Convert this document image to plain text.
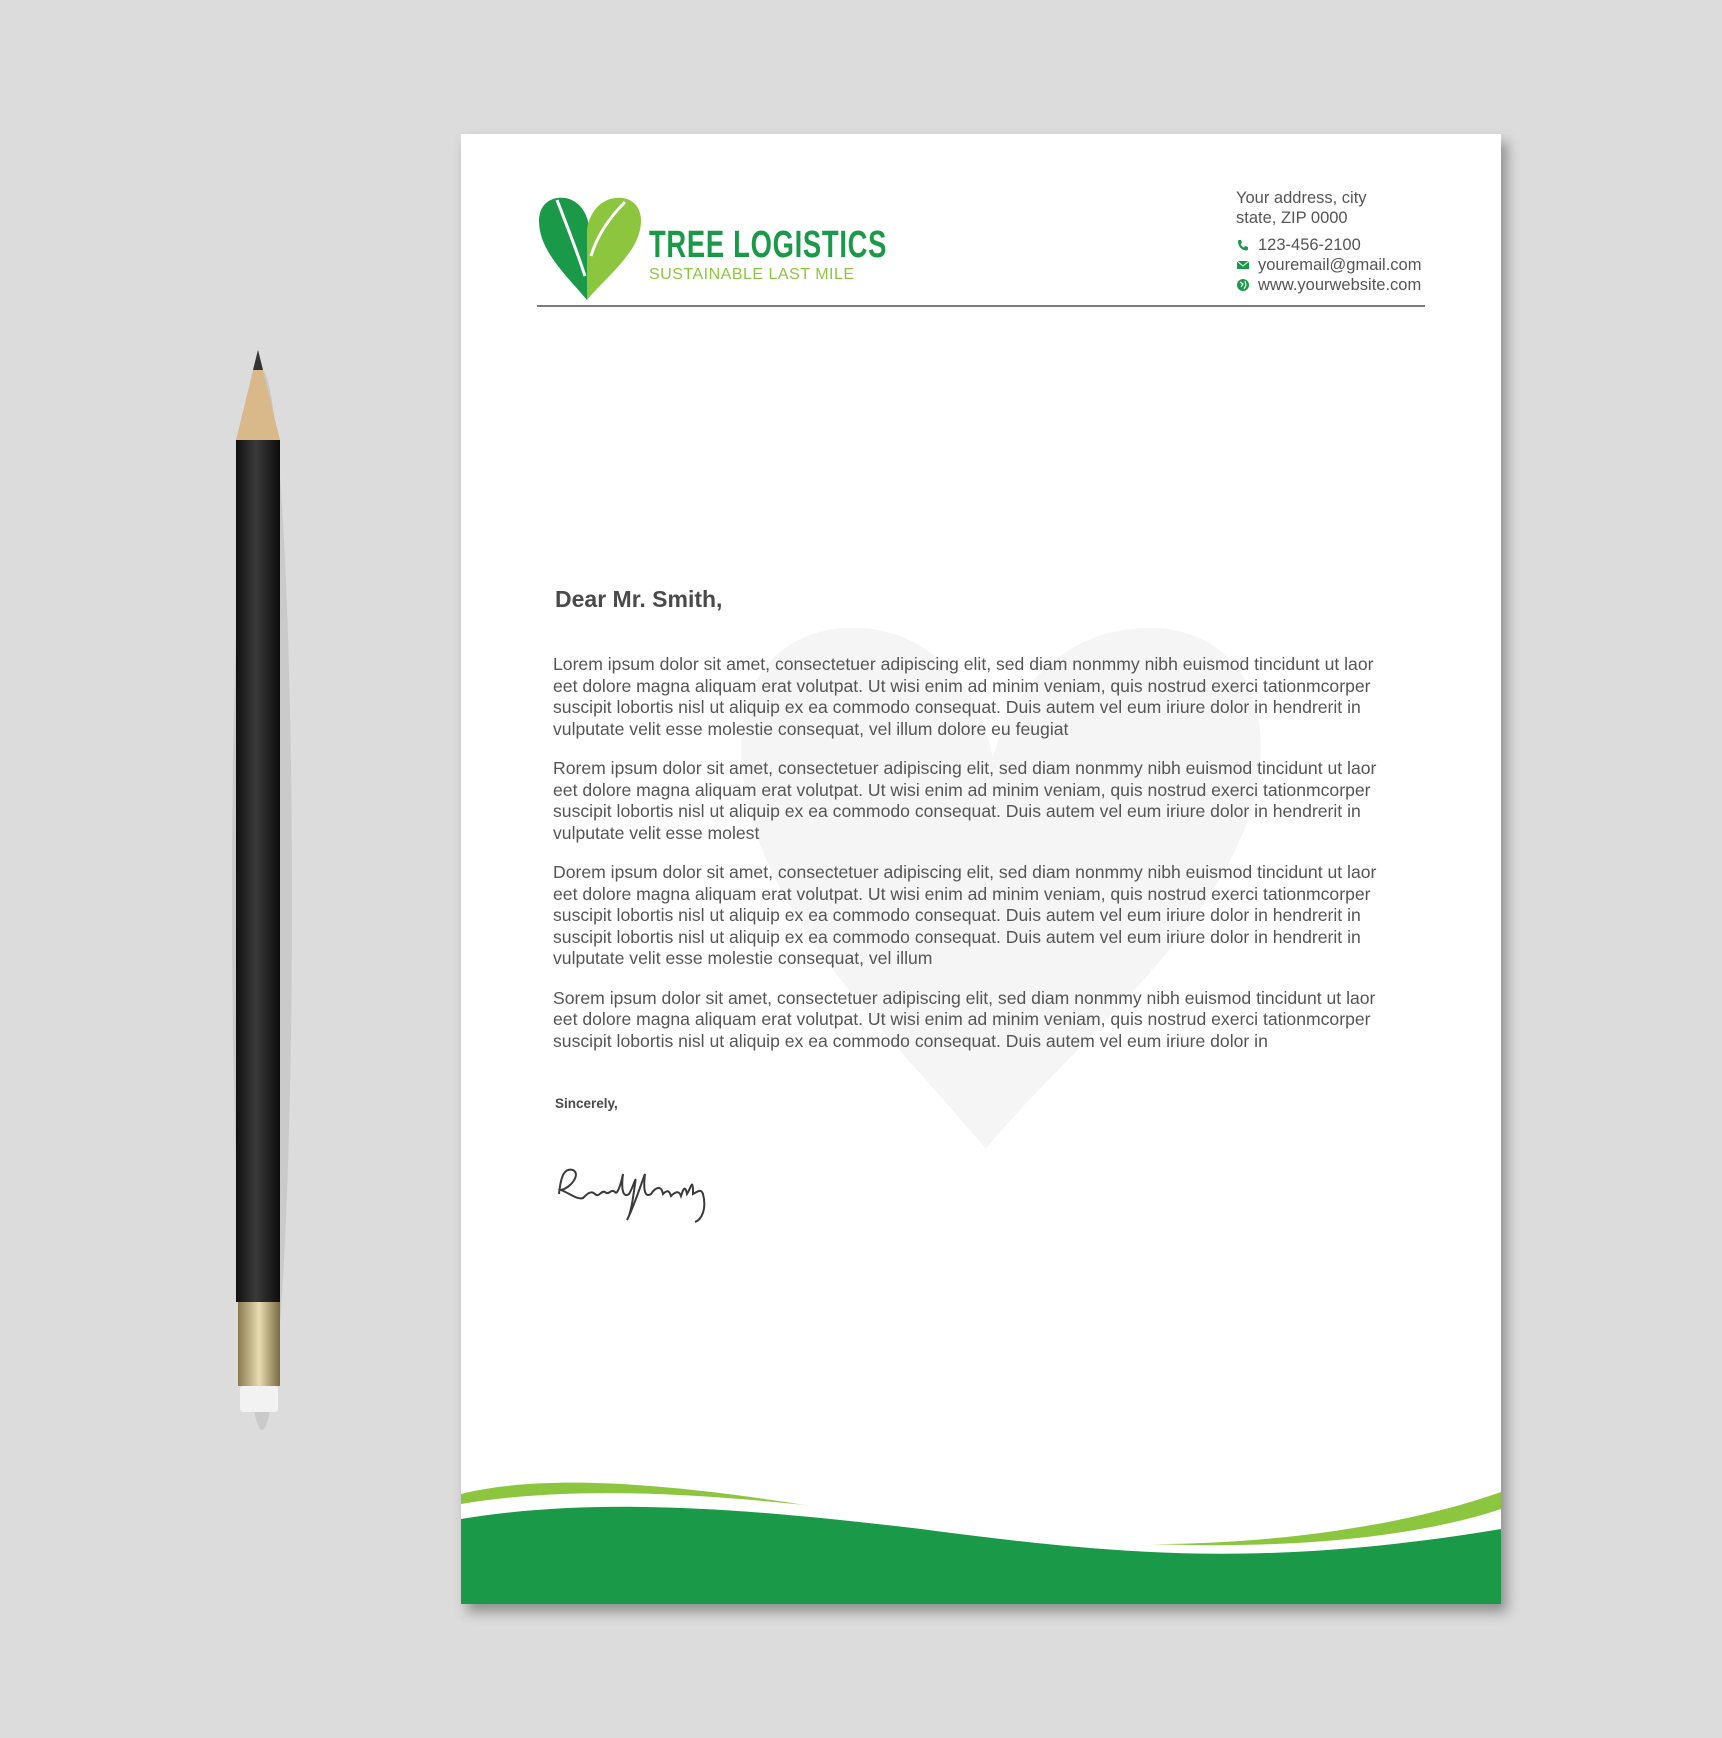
TREE LOGISTICS
SUSTAINABLE LAST MILE
Your address, city
state, ZIP 0000
123-456-2100
youremail@gmail.com
www.yourwebsite.com
Dear Mr. Smith,

Lorem ipsum dolor sit amet, consectetuer adipiscing elit, sed diam nonmmy nibh euismod tincidunt ut laor
eet dolore magna aliquam erat volutpat. Ut wisi enim ad minim veniam, quis nostrud exerci tationmcorper
suscipit lobortis nisl ut aliquip ex ea commodo consequat. Duis autem vel eum iriure dolor in hendrerit in
vulputate velit esse molestie consequat, vel illum dolore eu feugiat

Rorem ipsum dolor sit amet, consectetuer adipiscing elit, sed diam nonmmy nibh euismod tincidunt ut laor
eet dolore magna aliquam erat volutpat. Ut wisi enim ad minim veniam, quis nostrud exerci tationmcorper
suscipit lobortis nisl ut aliquip ex ea commodo consequat. Duis autem vel eum iriure dolor in hendrerit in
vulputate velit esse molest

Dorem ipsum dolor sit amet, consectetuer adipiscing elit, sed diam nonmmy nibh euismod tincidunt ut laor
eet dolore magna aliquam erat volutpat. Ut wisi enim ad minim veniam, quis nostrud exerci tationmcorper
suscipit lobortis nisl ut aliquip ex ea commodo consequat. Duis autem vel eum iriure dolor in hendrerit in
suscipit lobortis nisl ut aliquip ex ea commodo consequat. Duis autem vel eum iriure dolor in hendrerit in
vulputate velit esse molestie consequat, vel illum

Sorem ipsum dolor sit amet, consectetuer adipiscing elit, sed diam nonmmy nibh euismod tincidunt ut laor
eet dolore magna aliquam erat volutpat. Ut wisi enim ad minim veniam, quis nostrud exerci tationmcorper
suscipit lobortis nisl ut aliquip ex ea commodo consequat. Duis autem vel eum iriure dolor in

Sincerely,
